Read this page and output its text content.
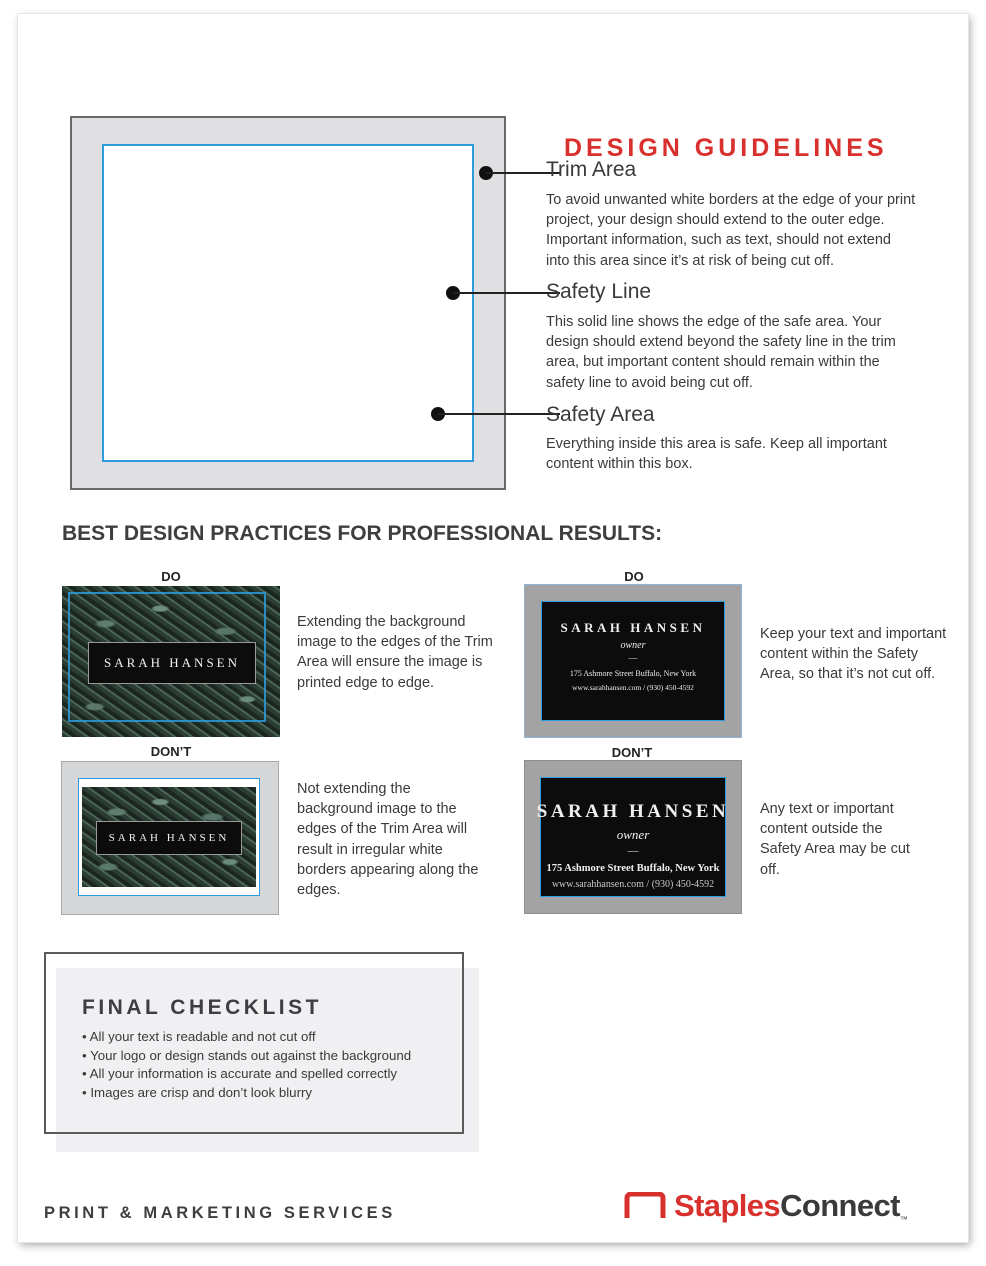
DESIGN GUIDELINES
Trim Area
To avoid unwanted white borders at the edge of your print project, your design should extend to the outer edge. Important information, such as text, should not extend into this area since it’s at risk of being cut off.
Safety Line
This solid line shows the edge of the safe area. Your design should extend beyond the safety line in the trim area, but important content should remain within the safety line to avoid being cut off.
Safety Area
Everything inside this area is safe. Keep all important content within this box.
BEST DESIGN PRACTICES FOR PROFESSIONAL RESULTS:
DO
SARAH HANSEN
Extending the background image to the edges of the Trim Area will ensure the image is printed edge to edge.
DO
SARAH HANSEN
owner
—
175 Ashmore Street Buffalo, New York
www.sarahhansen.com / (930) 450-4592
Keep your text and important content within the Safety Area, so that it’s not cut off.
DON’T
SARAH HANSEN
Not extending the background image to the edges of the Trim Area will result in irregular white borders appearing along the edges.
DON’T
SARAH HANSEN
owner
—
175 Ashmore Street Buffalo, New York
www.sarahhansen.com / (930) 450-4592
Any text or important content outside the Safety Area may be cut off.
FINAL CHECKLIST
• All your text is readable and not cut off
• Your logo or design stands out against the background
• All your information is accurate and spelled correctly
• Images are crisp and don’t look blurry
PRINT & MARKETING SERVICES	StaplesConnect™
